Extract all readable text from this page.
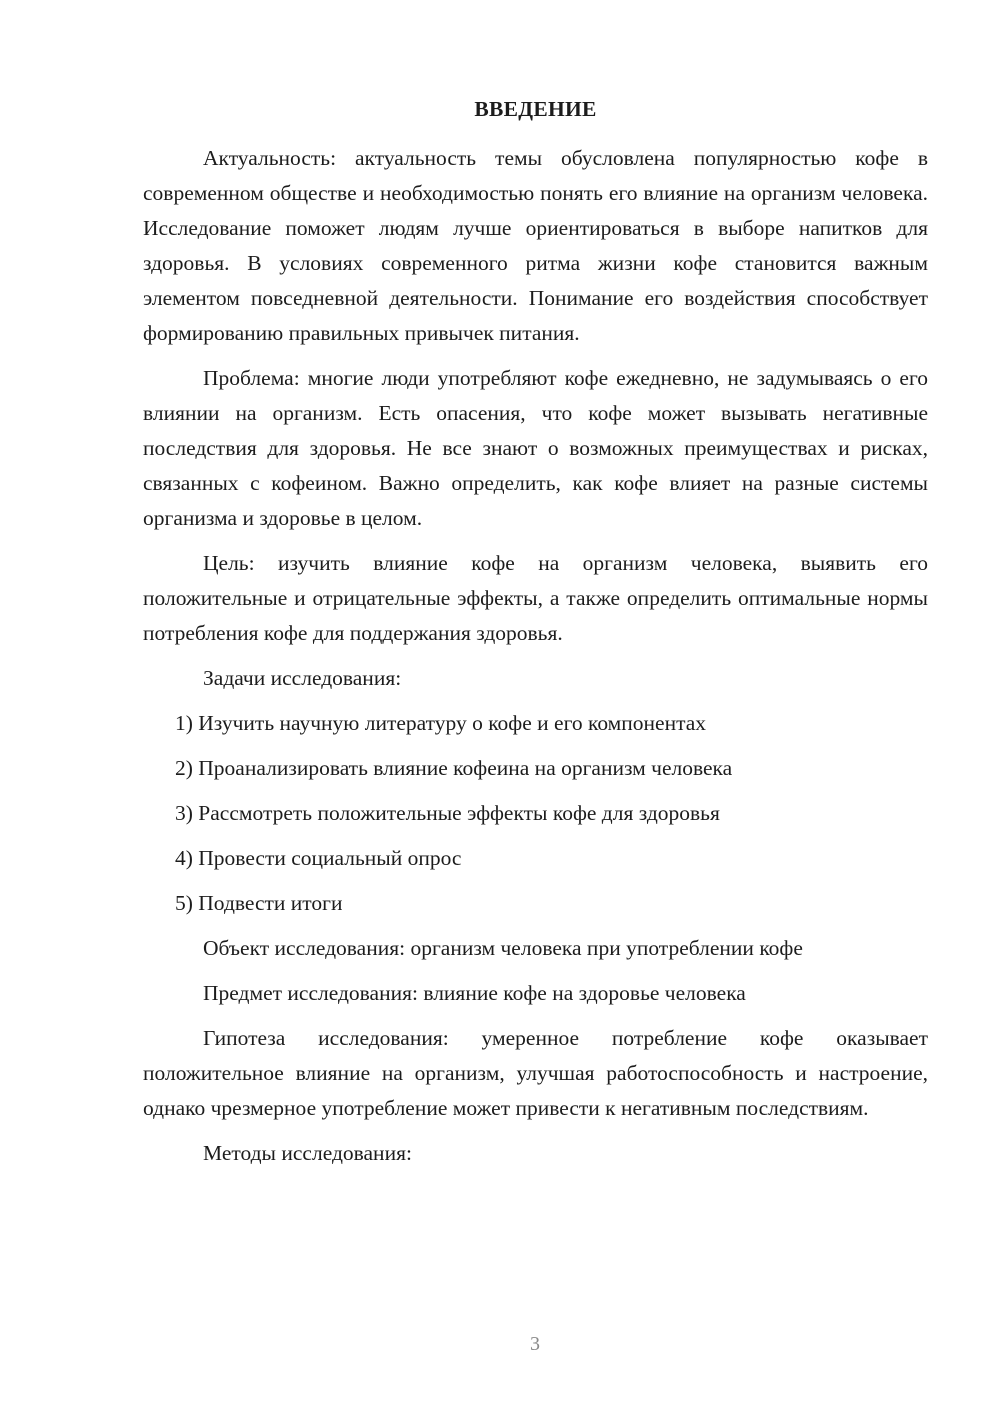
ВВЕДЕНИЕ

Актуальность: актуальность темы обусловлена популярностью кофе в современном обществе и необходимостью понять его влияние на организм человека. Исследование поможет людям лучше ориентироваться в выборе напитков для здоровья. В условиях современного ритма жизни кофе становится важным элементом повседневной деятельности. Понимание его воздействия способствует формированию правильных привычек питания.

Проблема: многие люди употребляют кофе ежедневно, не задумываясь о его влиянии на организм. Есть опасения, что кофе может вызывать негативные последствия для здоровья. Не все знают о возможных преимуществах и рисках, связанных с кофеином. Важно определить, как кофе влияет на разные системы организма и здоровье в целом.

Цель: изучить влияние кофе на организм человека, выявить его положительные и отрицательные эффекты, а также определить оптимальные нормы потребления кофе для поддержания здоровья.

Задачи исследования:
1) Изучить научную литературу о кофе и его компонентах
2) Проанализировать влияние кофеина на организм человека
3) Рассмотреть положительные эффекты кофе для здоровья
4) Провести социальный опрос
5) Подвести итоги
Объект исследования: организм человека при употреблении кофе
Предмет исследования: влияние кофе на здоровье человека

Гипотеза исследования: умеренное потребление кофе оказывает положительное влияние на организм, улучшая работоспособность и настроение, однако чрезмерное употребление может привести к негативным последствиям.

Методы исследования:
3
